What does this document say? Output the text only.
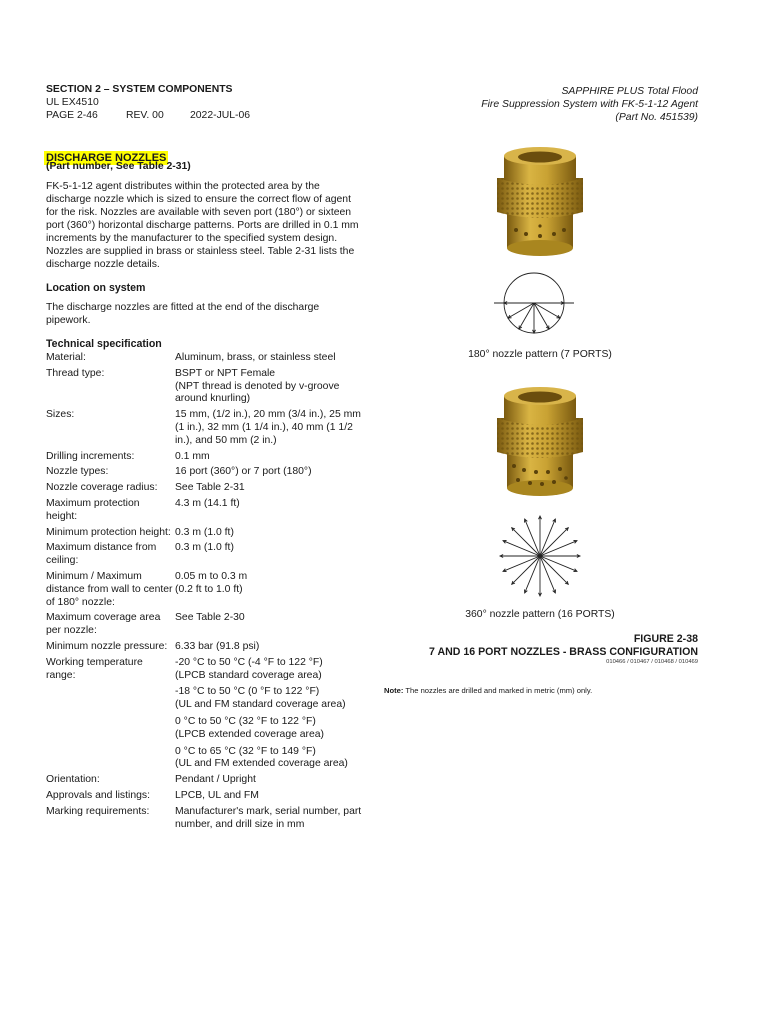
SECTION 2 – SYSTEM COMPONENTS
UL EX4510
PAGE 2-46	REV. 00	2022-JUL-06
SAPPHIRE PLUS Total Flood
Fire Suppression System with FK-5-1-12 Agent
(Part No. 451539)
DISCHARGE NOZZLES
(Part number, See Table 2-31)
FK-5-1-12 agent distributes within the protected area by the discharge nozzle which is sized to ensure the correct flow of agent for the risk. Nozzles are available with seven port (180°) or sixteen port (360°) horizontal discharge patterns. Ports are drilled in 0.1 mm increments by the manufacturer to the specified system design. Nozzles are supplied in brass or stainless steel. Table 2-31 lists the discharge nozzle details.
Location on system
The discharge nozzles are fitted at the end of the discharge pipework.
Technical specification
Material:	Aluminum, brass, or stainless steel
Thread type:	BSPT or NPT Female
(NPT thread is denoted by v-groove around knurling)
Sizes:	15 mm, (1/2 in.), 20 mm (3/4 in.), 25 mm (1 in.), 32 mm (1 1/4 in.), 40 mm (1 1/2 in.), and 50 mm (2 in.)
Drilling increments:	0.1 mm
Nozzle types:	16 port (360°) or 7 port (180°)
Nozzle coverage radius:	See Table 2-31
Maximum protection height:
4.3 m (14.1 ft)
Minimum protection height: 0.3 m (1.0 ft)
Maximum distance from ceiling:
0.3 m (1.0 ft)
Minimum / Maximum distance from wall to center of 180° nozzle:
0.05 m to 0.3 m
(0.2 ft to 1.0 ft)
Maximum coverage area per nozzle:
See Table 2-30
Minimum nozzle pressure: 6.33 bar (91.8 psi)
Working temperature range:
-20 °C to 50 °C (-4 °F to 122 °F)
(LPCB standard coverage area)
-18 °C to 50 °C (0 °F to 122 °F)
(UL and FM standard coverage area)
0 °C to 50 °C (32 °F to 122 °F)
(LPCB extended coverage area)
0 °C to 65 °C (32 °F to 149 °F)
(UL and FM extended coverage area)
Orientation:	Pendant / Upright
Approvals and listings:	LPCB, UL and FM
Marking requirements:	Manufacturer's mark, serial number, part number, and drill size in mm
180° nozzle pattern (7 PORTS)
360° nozzle pattern (16 PORTS)
FIGURE 2-38
7 AND 16 PORT NOZZLES - BRASS CONFIGURATION
010466 / 010467 / 010468 / 010469
Note: The nozzles are drilled and marked in metric (mm) only.
